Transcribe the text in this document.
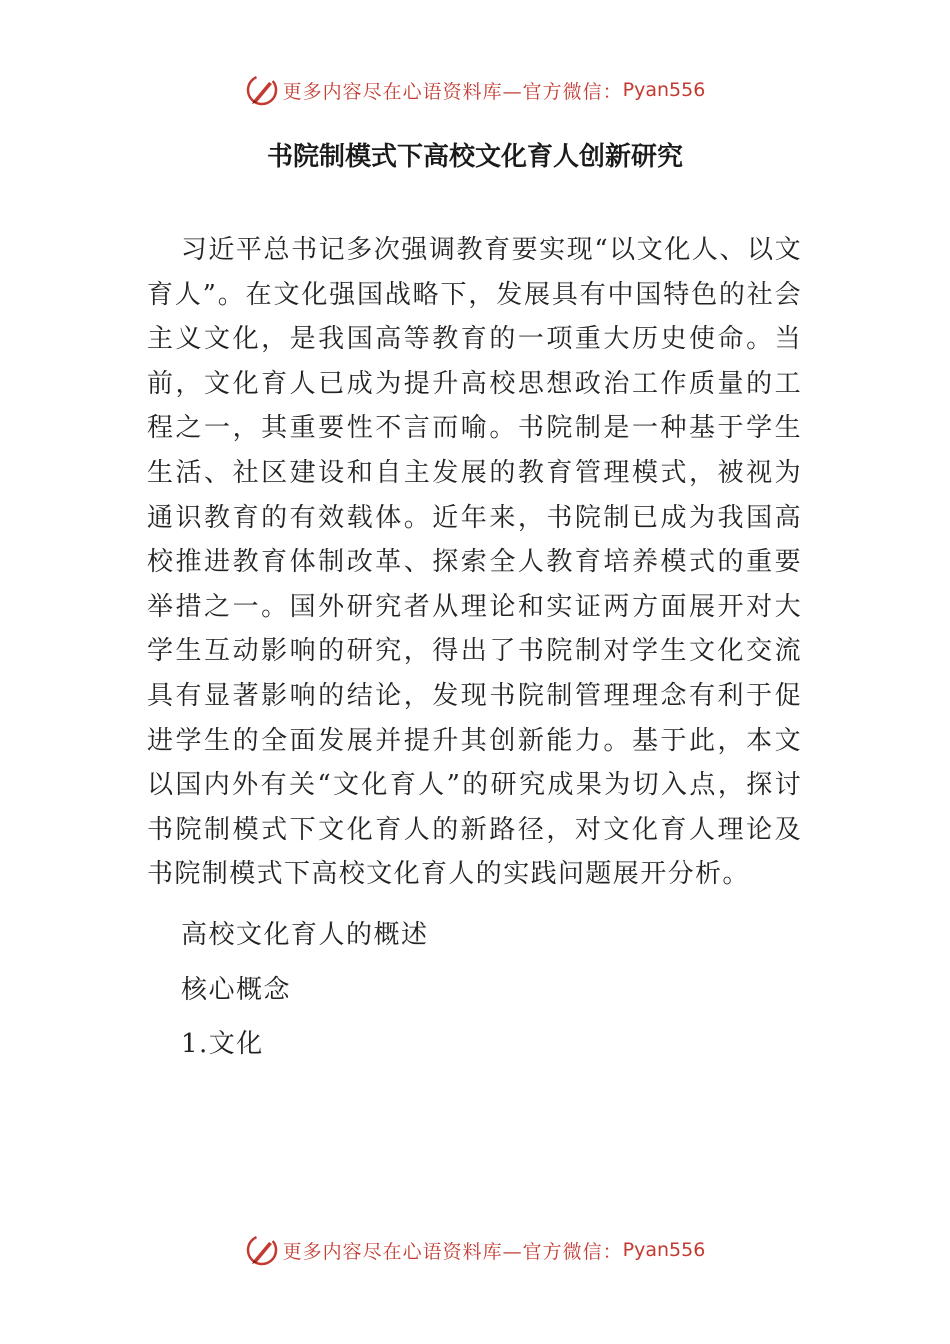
更多内容尽在心语资料库—官方微信： Pyan556
书院制模式下高校文化育人创新研究

习近平总书记多次强调教育要实现“以文化人、以文育人”。在文化强国战略下，发展具有中国特色的社会主义文化，是我国高等教育的一项重大历史使命。当前，文化育人已成为提升高校思想政治工作质量的工程之一，其重要性不言而喻。书院制是一种基于学生生活、社区建设和自主发展的教育管理模式，被视为通识教育的有效载体。近年来，书院制已成为我国高校推进教育体制改革、探索全人教育培养模式的重要举措之一。国外研究者从理论和实证两方面展开对大学生互动影响的研究，得出了书院制对学生文化交流具有显著影响的结论，发现书院制管理理念有利于促进学生的全面发展并提升其创新能力。基于此，本文以国内外有关“文化育人”的研究成果为切入点，探讨书院制模式下文化育人的新路径，对文化育人理论及书院制模式下高校文化育人的实践问题展开分析。

高校文化育人的概述

核心概念

1.文化

更多内容尽在心语资料库—官方微信： Pyan556
